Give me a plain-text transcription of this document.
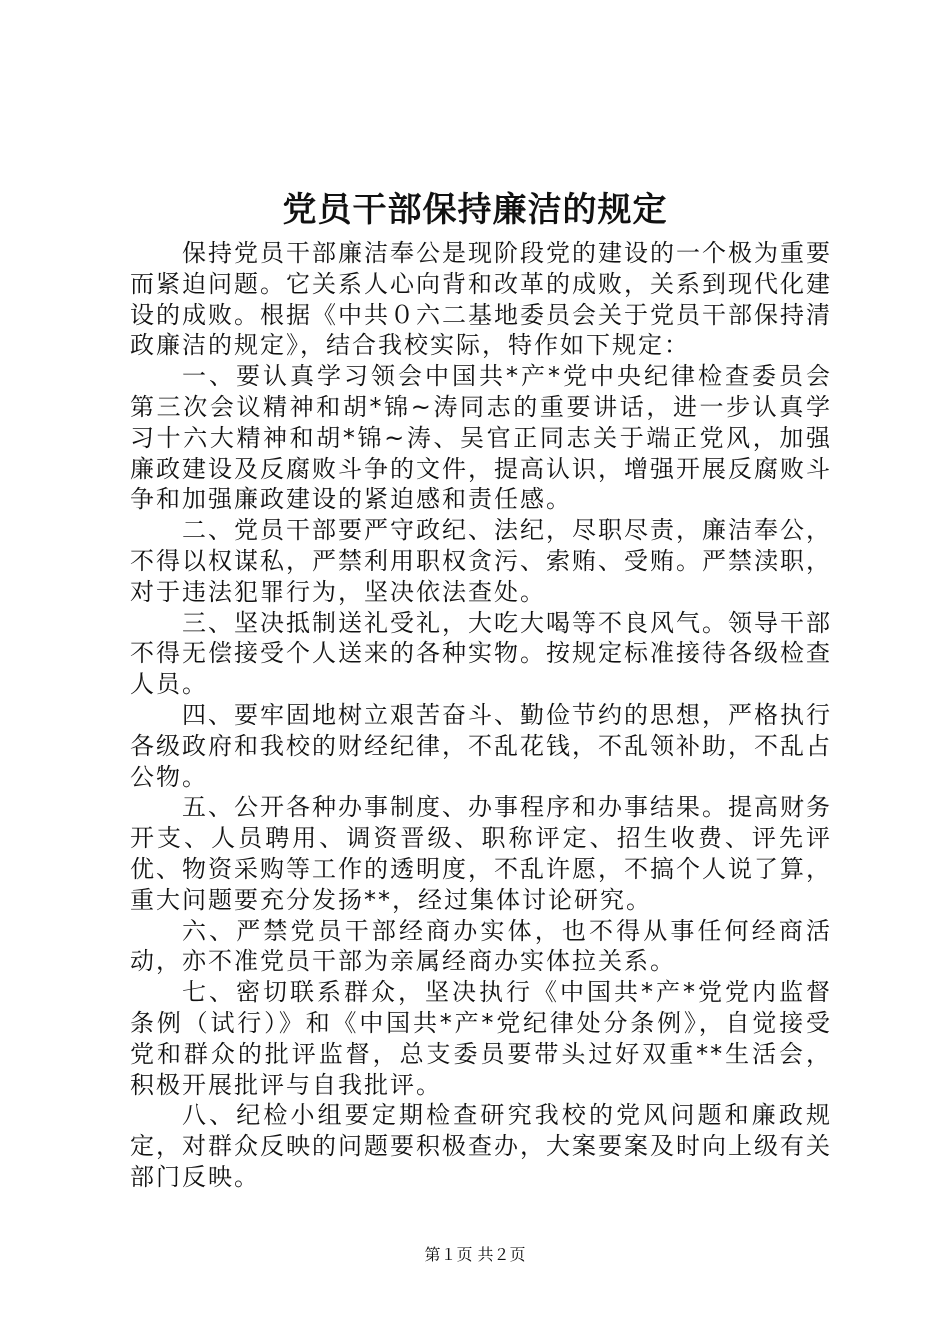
党员干部保持廉洁的规定

保持党员干部廉洁奉公是现阶段党的建设的一个极为重要而紧迫问题。它关系人心向背和改革的成败，关系到现代化建设的成败。根据《中共０六二基地委员会关于党员干部保持清政廉洁的规定》，结合我校实际，特作如下规定：

一、要认真学习领会中国共*产*党中央纪律检查委员会第三次会议精神和胡*锦~涛同志的重要讲话，进一步认真学习十六大精神和胡*锦~涛、吴官正同志关于端正党风，加强廉政建设及反腐败斗争的文件，提高认识，增强开展反腐败斗争和加强廉政建设的紧迫感和责任感。

二、党员干部要严守政纪、法纪，尽职尽责，廉洁奉公，不得以权谋私，严禁利用职权贪污、索贿、受贿。严禁渎职，对于违法犯罪行为，坚决依法查处。

三、坚决抵制送礼受礼，大吃大喝等不良风气。领导干部不得无偿接受个人送来的各种实物。按规定标准接待各级检查人员。

四、要牢固地树立艰苦奋斗、勤俭节约的思想，严格执行各级政府和我校的财经纪律，不乱花钱，不乱领补助，不乱占公物。

五、公开各种办事制度、办事程序和办事结果。提高财务开支、人员聘用、调资晋级、职称评定、招生收费、评先评优、物资采购等工作的透明度，不乱许愿，不搞个人说了算，重大问题要充分发扬**，经过集体讨论研究。

六、严禁党员干部经商办实体，也不得从事任何经商活动，亦不准党员干部为亲属经商办实体拉关系。

七、密切联系群众，坚决执行《中国共*产*党党内监督条例（试行）》和《中国共*产*党纪律处分条例》，自觉接受党和群众的批评监督，总支委员要带头过好双重**生活会，积极开展批评与自我批评。

八、纪检小组要定期检查研究我校的党风问题和廉政规定，对群众反映的问题要积极查办，大案要案及时向上级有关部门反映。

第１页 共２页
